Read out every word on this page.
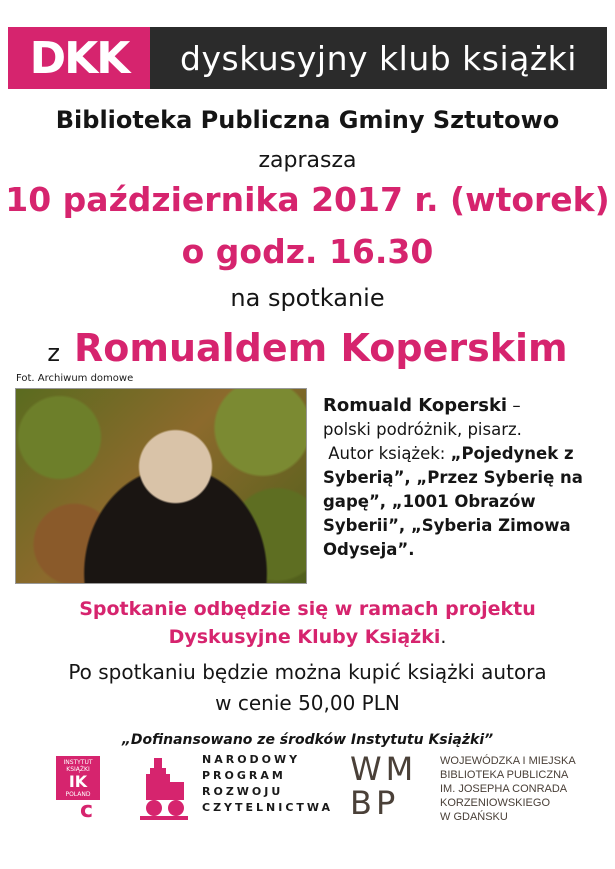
DKK	dyskusyjny klub książki
Biblioteka Publiczna Gminy Sztutowo
zaprasza
10 października 2017 r. (wtorek)
o godz. 16.30
na spotkanie
z Romualdem Koperskim
Fot. Archiwum domowe
Romuald Koperski –
polski podróżnik, pisarz.
Autor książek: „Pojedynek z Syberią”, „Przez Syberię na gapę”, „1001 Obrazów Syberii”, „Syberia Zimowa Odyseja”.
Spotkanie odbędzie się w ramach projektu
Dyskusyjne Kluby Książki.
Po spotkaniu będzie można kupić książki autora
w cenie 50,00 PLN
„Dofinansowano ze środków Instytutu Książki”
INSTYTUT KSIĄŻKI
IK
POLAND
c
NARODOWY
PROGRAM
ROZWOJU
CZYTELNICTWA
WM
BP
WOJEWÓDZKA I MIEJSKA
BIBLIOTEKA PUBLICZNA
IM. JOSEPHA CONRADA
KORZENIOWSKIEGO
W GDAŃSKU
